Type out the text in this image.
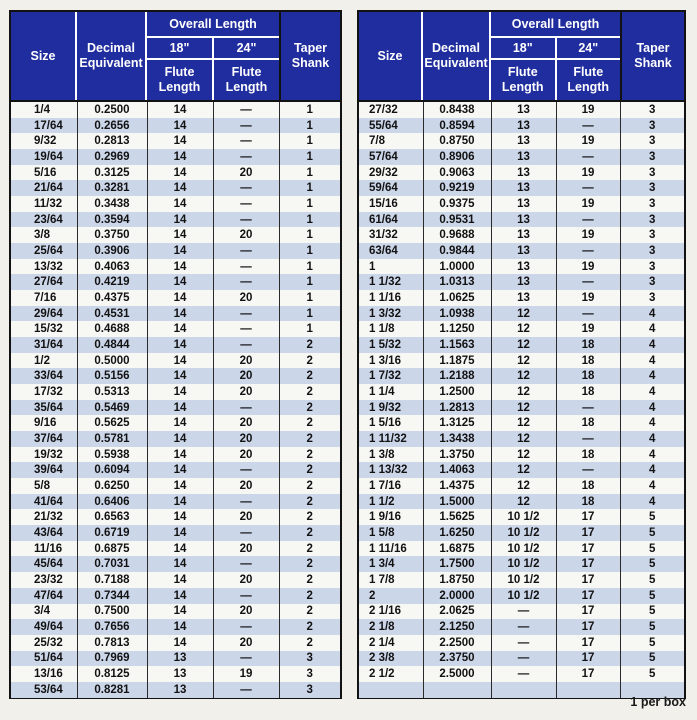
Size
Decimal Equivalent
Overall Length
18"	24"
Flute Length
Flute Length
Taper Shank
1/4	0.2500	14	—	1
17/64	0.2656	14	—	1
9/32	0.2813	14	—	1
19/64	0.2969	14	—	1
5/16	0.3125	14	20	1
21/64	0.3281	14	—	1
11/32	0.3438	14	—	1
23/64	0.3594	14	—	1
3/8	0.3750	14	20	1
25/64	0.3906	14	—	1
13/32	0.4063	14	—	1
27/64	0.4219	14	—	1
7/16	0.4375	14	20	1
29/64	0.4531	14	—	1
15/32	0.4688	14	—	1
31/64	0.4844	14	—	2
1/2	0.5000	14	20	2
33/64	0.5156	14	20	2
17/32	0.5313	14	20	2
35/64	0.5469	14	—	2
9/16	0.5625	14	20	2
37/64	0.5781	14	20	2
19/32	0.5938	14	20	2
39/64	0.6094	14	—	2
5/8	0.6250	14	20	2
41/64	0.6406	14	—	2
21/32	0.6563	14	20	2
43/64	0.6719	14	—	2
11/16	0.6875	14	20	2
45/64	0.7031	14	—	2
23/32	0.7188	14	20	2
47/64	0.7344	14	—	2
3/4	0.7500	14	20	2
49/64	0.7656	14	—	2
25/32	0.7813	14	20	2
51/64	0.7969	13	—	3
13/16	0.8125	13	19	3
53/64	0.8281	13	—	3
Size
Decimal Equivalent
Overall Length
18"	24"
Flute Length
Flute Length
Taper Shank
27/32	0.8438	13	19	3
55/64	0.8594	13	—	3
7/8	0.8750	13	19	3
57/64	0.8906	13	—	3
29/32	0.9063	13	19	3
59/64	0.9219	13	—	3
15/16	0.9375	13	19	3
61/64	0.9531	13	—	3
31/32	0.9688	13	19	3
63/64	0.9844	13	—	3
1	1.0000	13	19	3
1 1/32	1.0313	13	—	3
1 1/16	1.0625	13	19	3
1 3/32	1.0938	12	—	4
1 1/8	1.1250	12	19	4
1 5/32	1.1563	12	18	4
1 3/16	1.1875	12	18	4
1 7/32	1.2188	12	18	4
1 1/4	1.2500	12	18	4
1 9/32	1.2813	12	—	4
1 5/16	1.3125	12	18	4
1 11/32	1.3438	12	—	4
1 3/8	1.3750	12	18	4
1 13/32	1.4063	12	—	4
1 7/16	1.4375	12	18	4
1 1/2	1.5000	12	18	4
1 9/16	1.5625	10 1/2	17	5
1 5/8	1.6250	10 1/2	17	5
1 11/16	1.6875	10 1/2	17	5
1 3/4	1.7500	10 1/2	17	5
1 7/8	1.8750	10 1/2	17	5
2	2.0000	10 1/2	17	5
2 1/16	2.0625	—	17	5
2 1/8	2.1250	—	17	5
2 1/4	2.2500	—	17	5
2 3/8	2.3750	—	17	5
2 1/2	2.5000	—	17	5

1 per box
